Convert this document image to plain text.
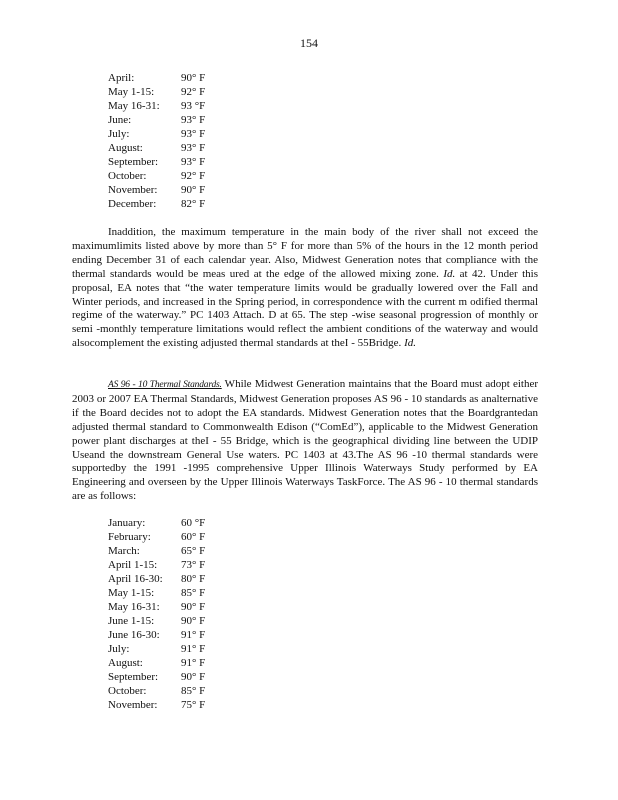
154
April:	90° F
May 1-15:	92° F
May 16-31:	93 °F
June:	93° F
July:	93° F
August:	93° F
September:	93° F
October:	92° F
November:	90° F
December:	82° F

Inaddition, the maximum temperature in the main body of the river shall not exceed the maximumlimits listed above by more than 5° F for more than 5% of the hours in the 12 month period ending December 31 of each calendar year. Also, Midwest Generation notes that compliance with the thermal standards would be meas ured at the edge of the allowed mixing zone. Id. at 42. Under this proposal, EA notes that “the water temperature limits would be gradually lowered over the Fall and Winter periods, and increased in the Spring period, in correspondence with the current m odified thermal regime of the waterway.” PC 1403 Attach. D at 65. The step -wise seasonal progression of monthly or semi -monthly temperature limitations would reflect the ambient conditions of the waterway and would alsocomplement the existing adjusted thermal standards at theI - 55Bridge. Id.

AS 96 - 10 Thermal Standards. While Midwest Generation maintains that the Board must adopt either 2003 or 2007 EA Thermal Standards, Midwest Generation proposes AS 96 - 10 standards as analternative if the Board decides not to adopt the EA standards. Midwest Generation notes that the Boardgrantedan adjusted thermal standard to Commonwealth Edison (“ComEd”), applicable to the Midwest Generation power plant discharges at theI - 55 Bridge, which is the geographical dividing line between the UDIP Useand the downstream General Use waters. PC 1403 at 43.The AS 96 -10 thermal standards were supportedby the 1991 -1995 comprehensive Upper Illinois Waterways Study performed by EA Engineering and overseen by the Upper Illinois Waterways TaskForce. The AS 96 - 10 thermal standards are as follows:

January:	60 °F
February:	60° F
March:	65° F
April 1-15:	73° F
April 16-30:	80° F
May 1-15:	85° F
May 16-31:	90° F
June 1-15:	90° F
June 16-30:	91° F
July:	91° F
August:	91° F
September:	90° F
October:	85° F
November:	75° F
